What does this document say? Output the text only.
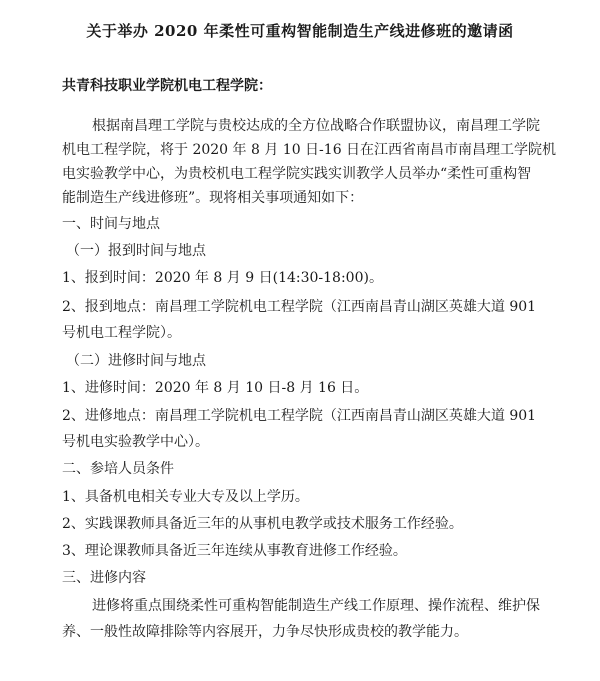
关于举办 2020 年柔性可重构智能制造生产线进修班的邀请函
共青科技职业学院机电工程学院：
根据南昌理工学院与贵校达成的全方位战略合作联盟协议，南昌理工学院
机电工程学院，将于 2020 年 8 月 10 日-16 日在江西省南昌市南昌理工学院机
电实验教学中心，为贵校机电工程学院实践实训教学人员举办“柔性可重构智
能制造生产线进修班”。现将相关事项通知如下：
一、时间与地点
（一）报到时间与地点
1、报到时间：2020 年 8 月 9 日(14:30-18:00)。
2、报到地点：南昌理工学院机电工程学院（江西南昌青山湖区英雄大道 901
号机电工程学院）。
（二）进修时间与地点
1、进修时间：2020 年 8 月 10 日-8 月 16 日。
2、进修地点：南昌理工学院机电工程学院（江西南昌青山湖区英雄大道 901
号机电实验教学中心）。
二、参培人员条件
1、具备机电相关专业大专及以上学历。
2、实践课教师具备近三年的从事机电教学或技术服务工作经验。
3、理论课教师具备近三年连续从事教育进修工作经验。
三、进修内容
进修将重点围绕柔性可重构智能制造生产线工作原理、操作流程、维护保
养、一般性故障排除等内容展开，力争尽快形成贵校的教学能力。
